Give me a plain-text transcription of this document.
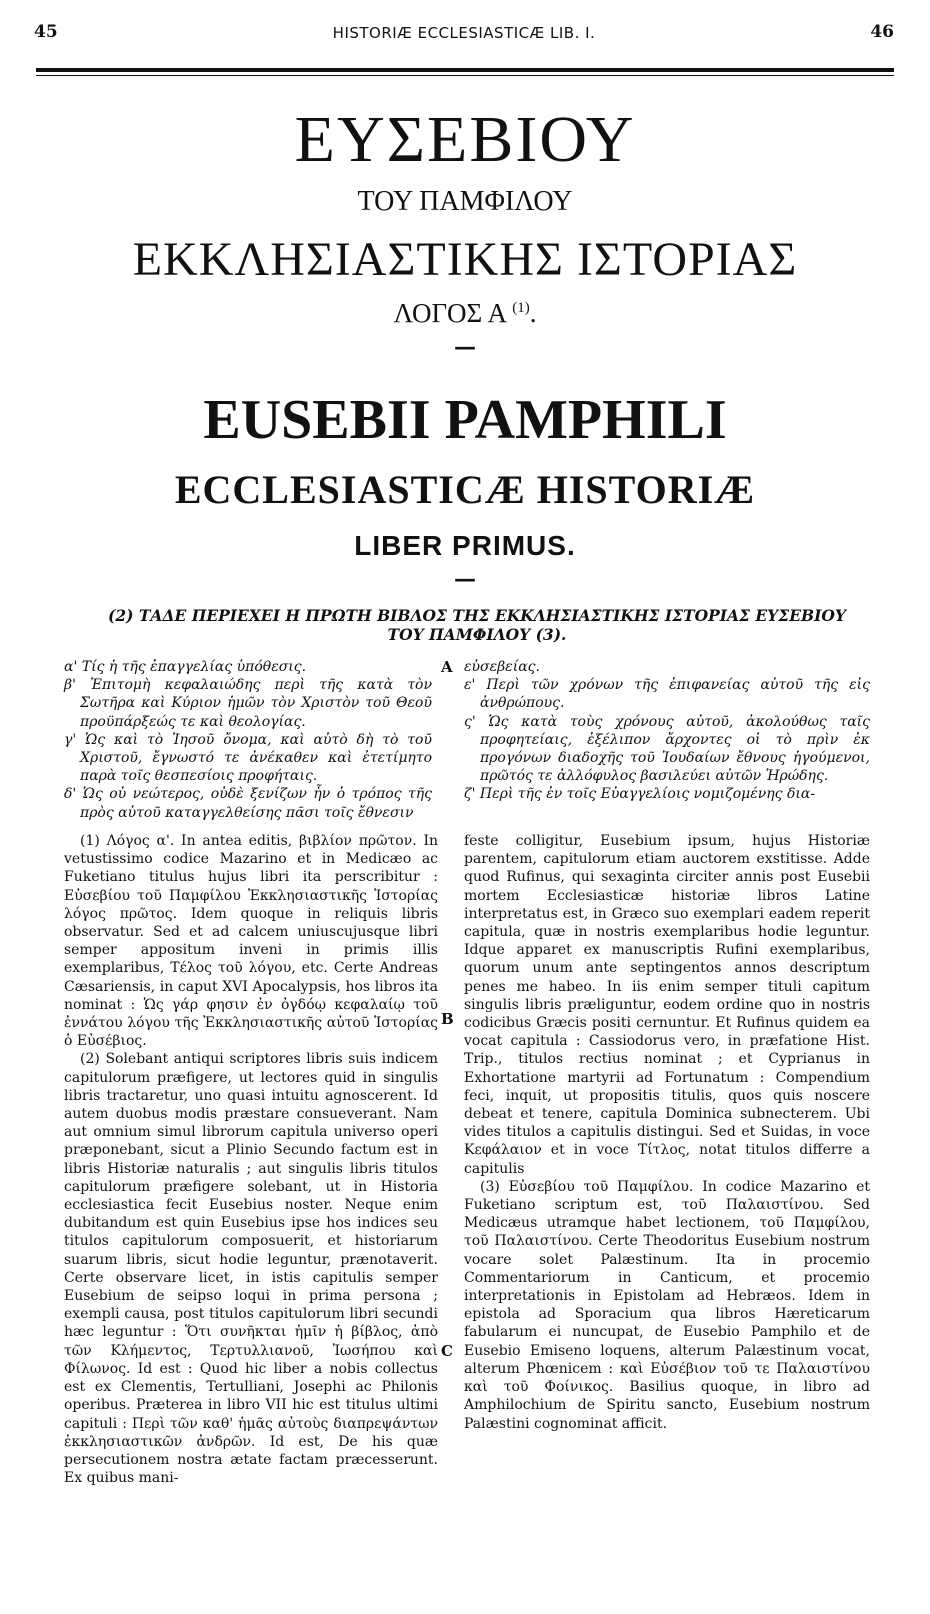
45	HISTORIÆ ECCLESIASTICÆ LIB. I.	46
ΕΥΣΕΒΙΟΥ
ΤΟΥ ΠΑΜΦΙΛΟΥ
ΕΚΚΛΗΣΙΑΣΤΙΚΗΣ ΙΣΤΟΡΙΑΣ
ΛΟΓΟΣ Α $^{(1)}$.
—
EUSEBII PAMPHILI
ECCLESIASTICÆ HISTORIÆ
LIBER PRIMUS.
—
(2) ΤΑΔΕ ΠΕΡΙΕΧΕΙ Η ΠΡΩΤΗ ΒΙΒΛΟΣ ΤΗΣ ΕΚΚΛΗΣΙΑΣΤΙΚΗΣ ΙΣΤΟΡΙΑΣ ΕΥΣΕΒΙΟΥ
ΤΟΥ ΠΑΜΦΙΛΟΥ (3).

α' Τίς ἡ τῆς ἐπαγγελίας ὑπόθεσις.

β' Ἐπιτομὴ κεφαλαιώδης περὶ τῆς κατὰ τὸν Σωτῆρα καὶ Κύριον ἡμῶν τὸν Χριστὸν τοῦ Θεοῦ προϋπάρξεώς τε καὶ θεολογίας.

γ' Ὡς καὶ τὸ Ἰησοῦ ὄνομα, καὶ αὐτὸ δὴ τὸ τοῦ Χριστοῦ, ἔγνωστό τε ἀνέκαθεν καὶ ἐτετίμητο παρὰ τοῖς θεσπεσίοις προφήταις.

δ' Ὡς οὐ νεώτερος, οὐδὲ ξενίζων ἦν ὁ τρόπος τῆς πρὸς αὐτοῦ καταγγελθείσης πᾶσι τοῖς ἔθνεσιν

εὐσεβείας.

ε' Περὶ τῶν χρόνων τῆς ἐπιφανείας αὐτοῦ τῆς εἰς ἀνθρώπους.

ς' Ὡς κατὰ τοὺς χρόνους αὐτοῦ, ἀκολούθως ταῖς προφητείαις, ἐξέλιπον ἄρχοντες οἱ τὸ πρὶν ἐκ προγόνων διαδοχῆς τοῦ Ἰουδαίων ἔθνους ἡγούμενοι, πρῶτός τε ἀλλόφυλος βασιλεύει αὐτῶν Ἡρώδης.

ζ' Περὶ τῆς ἐν τοῖς Εὐαγγελίοις νομιζομένης δια-

A
B
C

(1) Λόγος α'. In antea editis, βιβλίον πρῶτον. In vetustissimo codice Mazarino et in Medicæo ac Fuketiano titulus hujus libri ita perscribitur : Εὐσεβίου τοῦ Παμφίλου Ἐκκλησιαστικῆς Ἱστορίας λόγος πρῶτος. Idem quoque in reliquis libris observatur. Sed et ad calcem uniuscujusque libri semper appositum inveni in primis illis exemplaribus, Τέλος τοῦ λόγου, etc. Certe Andreas Cæsariensis, in caput XVI Apocalypsis, hos libros ita nominat : Ὡς γάρ φησιν ἐν ὀγδόῳ κεφαλαίῳ τοῦ ἐννάτου λόγου τῆς Ἐκκλησιαστικῆς αὐτοῦ Ἱστορίας ὁ Εὐσέβιος.

(2) Solebant antiqui scriptores libris suis indicem capitulorum præfigere, ut lectores quid in singulis libris tractaretur, uno quasi intuitu agnoscerent. Id autem duobus modis præstare consueverant. Nam aut omnium simul librorum capitula universo operi præponebant, sicut a Plinio Secundo factum est in libris Historiæ naturalis ; aut singulis libris titulos capitulorum præfigere solebant, ut in Historia ecclesiastica fecit Eusebius noster. Neque enim dubitandum est quin Eusebius ipse hos indices seu titulos capitulorum composuerit, et historiarum suarum libris, sicut hodie leguntur, prænotaverit. Certe observare licet, in istis capitulis semper Eusebium de seipso loqui in prima persona ; exempli causa, post titulos capitulorum libri secundi hæc leguntur : Ὅτι συνῆκται ἡμῖν ἡ βίβλος, ἀπὸ τῶν Κλήμεντος, Τερτυλλιανοῦ, Ἰωσήπου καὶ Φίλωνος. Id est : Quod hic liber a nobis collectus est ex Clementis, Tertulliani, Josephi ac Philonis operibus. Præterea in libro VII hic est titulus ultimi capituli : Περὶ τῶν καθ' ἡμᾶς αὐτοὺς διαπρεψάντων ἐκκλησιαστικῶν ἀνδρῶν. Id est, De his quæ persecutionem nostra ætate factam præcesserunt. Ex quibus mani-

feste colligitur, Eusebium ipsum, hujus Historiæ parentem, capitulorum etiam auctorem exstitisse. Adde quod Rufinus, qui sexaginta circiter annis post Eusebii mortem Ecclesiasticæ historiæ libros Latine interpretatus est, in Græco suo exemplari eadem reperit capitula, quæ in nostris exemplaribus hodie leguntur. Idque apparet ex manuscriptis Rufini exemplaribus, quorum unum ante septingentos annos descriptum penes me habeo. In iis enim semper tituli capitum singulis libris præliguntur, eodem ordine quo in nostris codicibus Græcis positi cernuntur. Et Rufinus quidem ea vocat capitula : Cassiodorus vero, in præfatione Hist. Trip., titulos rectius nominat ; et Cyprianus in Exhortatione martyrii ad Fortunatum : Compendium feci, inquit, ut propositis titulis, quos quis noscere debeat et tenere, capitula Dominica subnecterem. Ubi vides titulos a capitulis distingui. Sed et Suidas, in voce Κεφάλαιον et in voce Τίτλος, notat titulos differre a capitulis

(3) Εὐσεβίου τοῦ Παμφίλου. In codice Mazarino et Fuketiano scriptum est, τοῦ Παλαιστίνου. Sed Medicæus utramque habet lectionem, τοῦ Παμφίλου, τοῦ Παλαιστίνου. Certe Theodoritus Eusebium nostrum vocare solet Palæstinum. Ita in procemio Commentariorum in Canticum, et procemio interpretationis in Epistolam ad Hebræos. Idem in epistola ad Sporacium qua libros Hæreticarum fabularum ei nuncupat, de Eusebio Pamphilo et de Eusebio Emiseno loquens, alterum Palæstinum vocat, alterum Phœnicem : καὶ Εὐσέβιον τοῦ τε Παλαιστίνου καὶ τοῦ Φοίνικος. Basilius quoque, in libro ad Amphilochium de Spiritu sancto, Eusebium nostrum Palæstini cognominat afficit.
